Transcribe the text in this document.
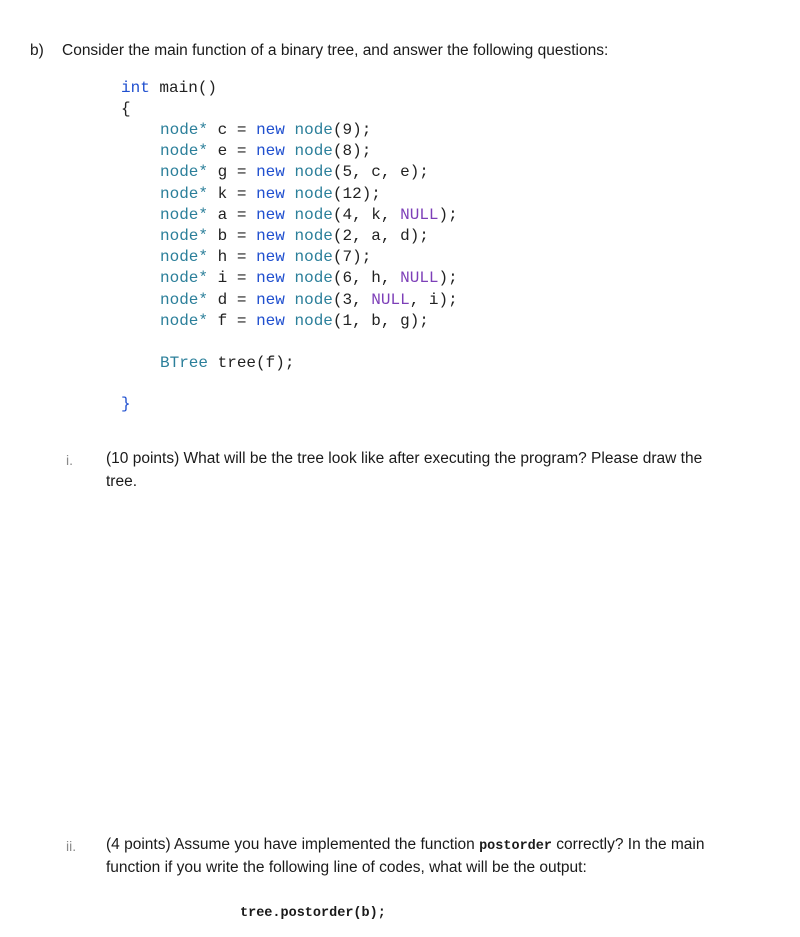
b) Consider the main function of a binary tree, and answer the following questions:
int main()
{
node* c = new node(9);
node* e = new node(8);
node* g = new node(5, c, e);
node* k = new node(12);
node* a = new node(4, k, NULL);
node* b = new node(2, a, d);
node* h = new node(7);
node* i = new node(6, h, NULL);
node* d = new node(3, NULL, i);
node* f = new node(1, b, g);
BTree tree(f);
}
i. (10 points) What will be the tree look like after executing the program? Please draw the
tree.
ii. (4 points) Assume you have implemented the function postorder correctly? In the main
function if you write the following line of codes, what will be the output:
tree.postorder(b);
